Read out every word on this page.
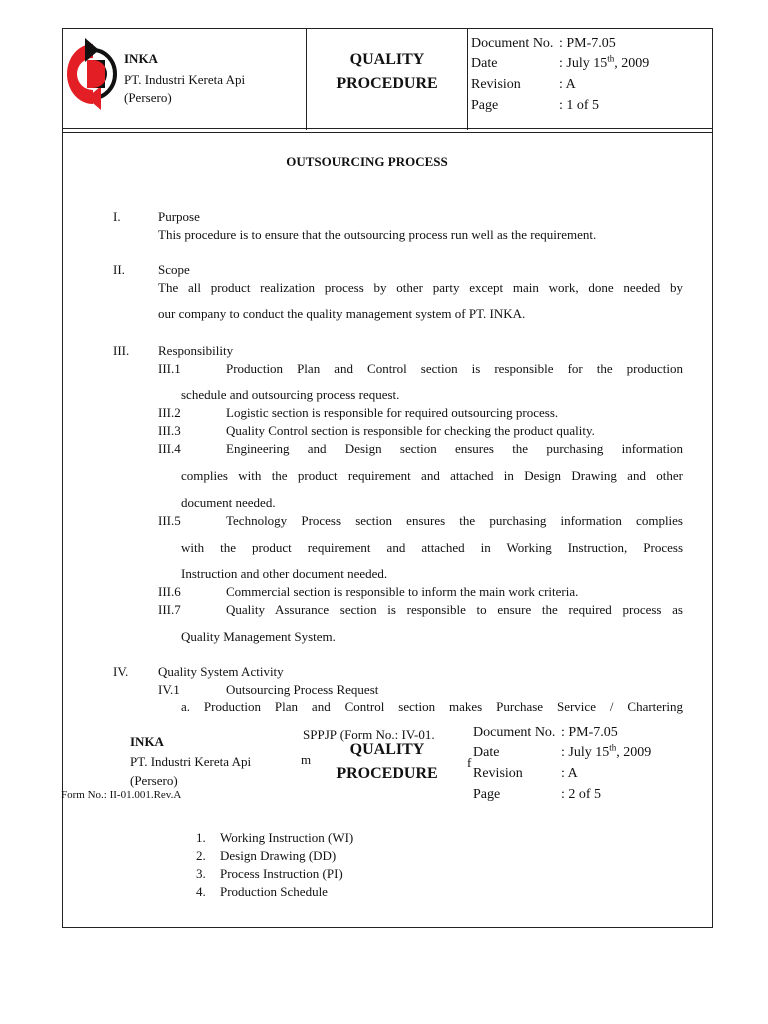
INKA
PT. Industri Kereta Api
(Persero)
QUALITY
PROCEDURE
Document No. : PM-7.05
Date	: July 15th, 2009
Revision	: A
Page	: 1 of 5
OUTSOURCING PROCESS
I.	Purpose
This procedure is to ensure that the outsourcing process run well as the requirement.
II.	Scope
The all product realization process by other party except main work, done needed by
our company to conduct the quality management system of PT. INKA.
III. Responsibility
III.1	Production Plan and Control section is responsible for the production
schedule and outsourcing process request.
III.2	Logistic section is responsible for required outsourcing process.
III.3	Quality Control section is responsible for checking the product quality.
III.4	Engineering and Design section ensures the purchasing information
complies with the product requirement and attached in Design Drawing and other
document needed.
III.5	Technology Process section ensures the purchasing information complies
with the product requirement and attached in Working Instruction, Process
Instruction and other document needed.
III.6	Commercial section is responsible to inform the main work criteria.
III.7	Quality Assurance section is responsible to ensure the required process as
Quality Management System.
IV. Quality System Activity
IV.1	Outsourcing Process Request
a. Production Plan and Control section makes Purchase Service / Chartering
SPPJP (Form No.: IV-01.
m	f
INKA
PT. Industri Kereta Api
(Persero)
Form No.: II-01.001.Rev.A
QUALITY
PROCEDURE
Document No. : PM-7.05
Date	: July 15th, 2009
Revision	: A
Page	: 2 of 5
1. Working Instruction (WI)
2. Design Drawing (DD)
3. Process Instruction (PI)
4. Production Schedule
